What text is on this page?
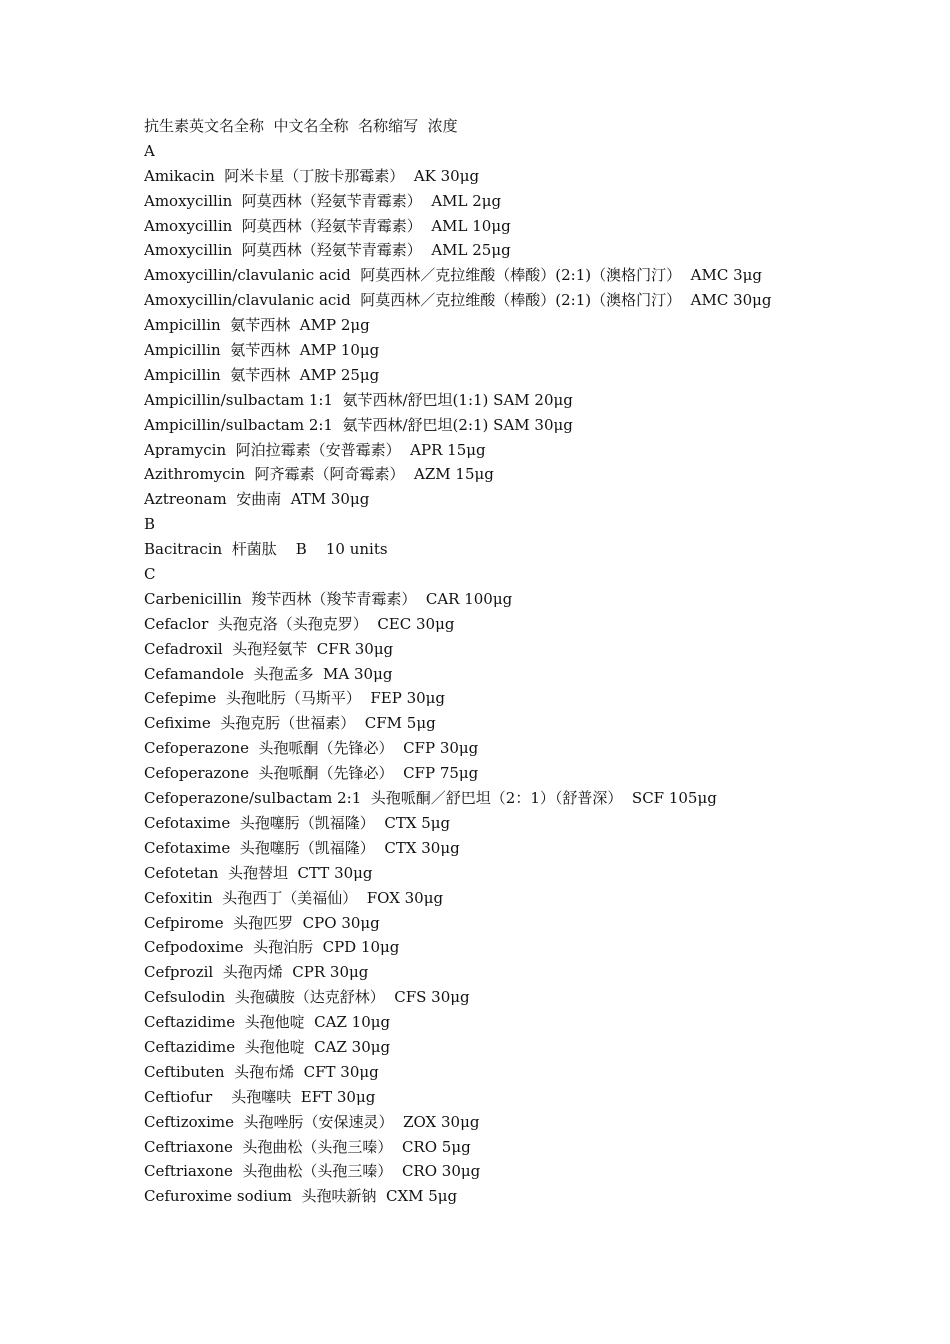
抗生素英文名全称  中文名全称  名称缩写  浓度
A
Amikacin  阿米卡星（丁胺卡那霉素）  AK 30μg
Amoxycillin  阿莫西林（羟氨苄青霉素）  AML 2μg
Amoxycillin  阿莫西林（羟氨苄青霉素）  AML 10μg
Amoxycillin  阿莫西林（羟氨苄青霉素）  AML 25μg
Amoxycillin/clavulanic acid  阿莫西林／克拉维酸（棒酸）(2:1)（澳格门汀）  AMC 3μg
Amoxycillin/clavulanic acid  阿莫西林／克拉维酸（棒酸）(2:1)（澳格门汀）  AMC 30μg
Ampicillin  氨苄西林  AMP 2μg
Ampicillin  氨苄西林  AMP 10μg
Ampicillin  氨苄西林  AMP 25μg
Ampicillin/sulbactam 1:1  氨苄西林/舒巴坦(1:1) SAM 20μg
Ampicillin/sulbactam 2:1  氨苄西林/舒巴坦(2:1) SAM 30μg
Apramycin  阿泊拉霉素（安普霉素）  APR 15μg
Azithromycin  阿齐霉素（阿奇霉素）  AZM 15μg
Aztreonam  安曲南  ATM 30μg
B
Bacitracin  杆菌肽    B    10 units
C
Carbenicillin  羧苄西林（羧苄青霉素）  CAR 100μg
Cefaclor  头孢克洛（头孢克罗）  CEC 30μg
Cefadroxil  头孢羟氨苄  CFR 30μg
Cefamandole  头孢孟多  MA 30μg
Cefepime  头孢吡肟（马斯平）  FEP 30μg
Cefixime  头孢克肟（世福素）  CFM 5μg
Cefoperazone  头孢哌酮（先锋必）  CFP 30μg
Cefoperazone  头孢哌酮（先锋必）  CFP 75μg
Cefoperazone/sulbactam 2:1  头孢哌酮／舒巴坦（2：1）（舒普深）  SCF 105μg
Cefotaxime  头孢噻肟（凯福隆）  CTX 5μg
Cefotaxime  头孢噻肟（凯福隆）  CTX 30μg
Cefotetan  头孢替坦  CTT 30μg
Cefoxitin  头孢西丁（美福仙）  FOX 30μg
Cefpirome  头孢匹罗  CPO 30μg
Cefpodoxime  头孢泊肟  CPD 10μg
Cefprozil  头孢丙烯  CPR 30μg
Cefsulodin  头孢磺胺（达克舒林）  CFS 30μg
Ceftazidime  头孢他啶  CAZ 10μg
Ceftazidime  头孢他啶  CAZ 30μg
Ceftibuten  头孢布烯  CFT 30μg
Ceftiofur    头孢噻呋  EFT 30μg
Ceftizoxime  头孢唑肟（安保速灵）  ZOX 30μg
Ceftriaxone  头孢曲松（头孢三嗪）  CRO 5μg
Ceftriaxone  头孢曲松（头孢三嗪）  CRO 30μg
Cefuroxime sodium  头孢呋新钠  CXM 5μg
